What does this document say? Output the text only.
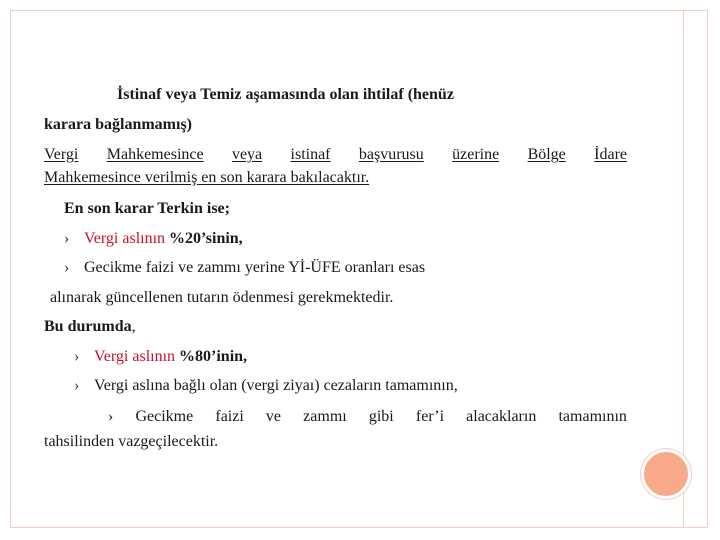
İstinaf veya Temiz aşamasında olan ihtilaf (henüz
karara bağlanmamış)
Vergi Mahkemesince veya istinaf başvurusu üzerine Bölge İdare
Mahkemesince verilmiş en son karara bakılacaktır.
En son karar Terkin ise;
› Vergi aslının %20’sinin,
› Gecikme faizi ve zammı yerine Yİ-ÜFE oranları esas
alınarak güncellenen tutarın ödenmesi gerekmektedir.
Bu durumda,
› Vergi aslının %80’inin,
› Vergi aslına bağlı olan (vergi ziyaı) cezaların tamamının,
› Gecikme faizi ve zammı gibi fer’i alacakların tamamının
tahsilinden vazgeçilecektir.
